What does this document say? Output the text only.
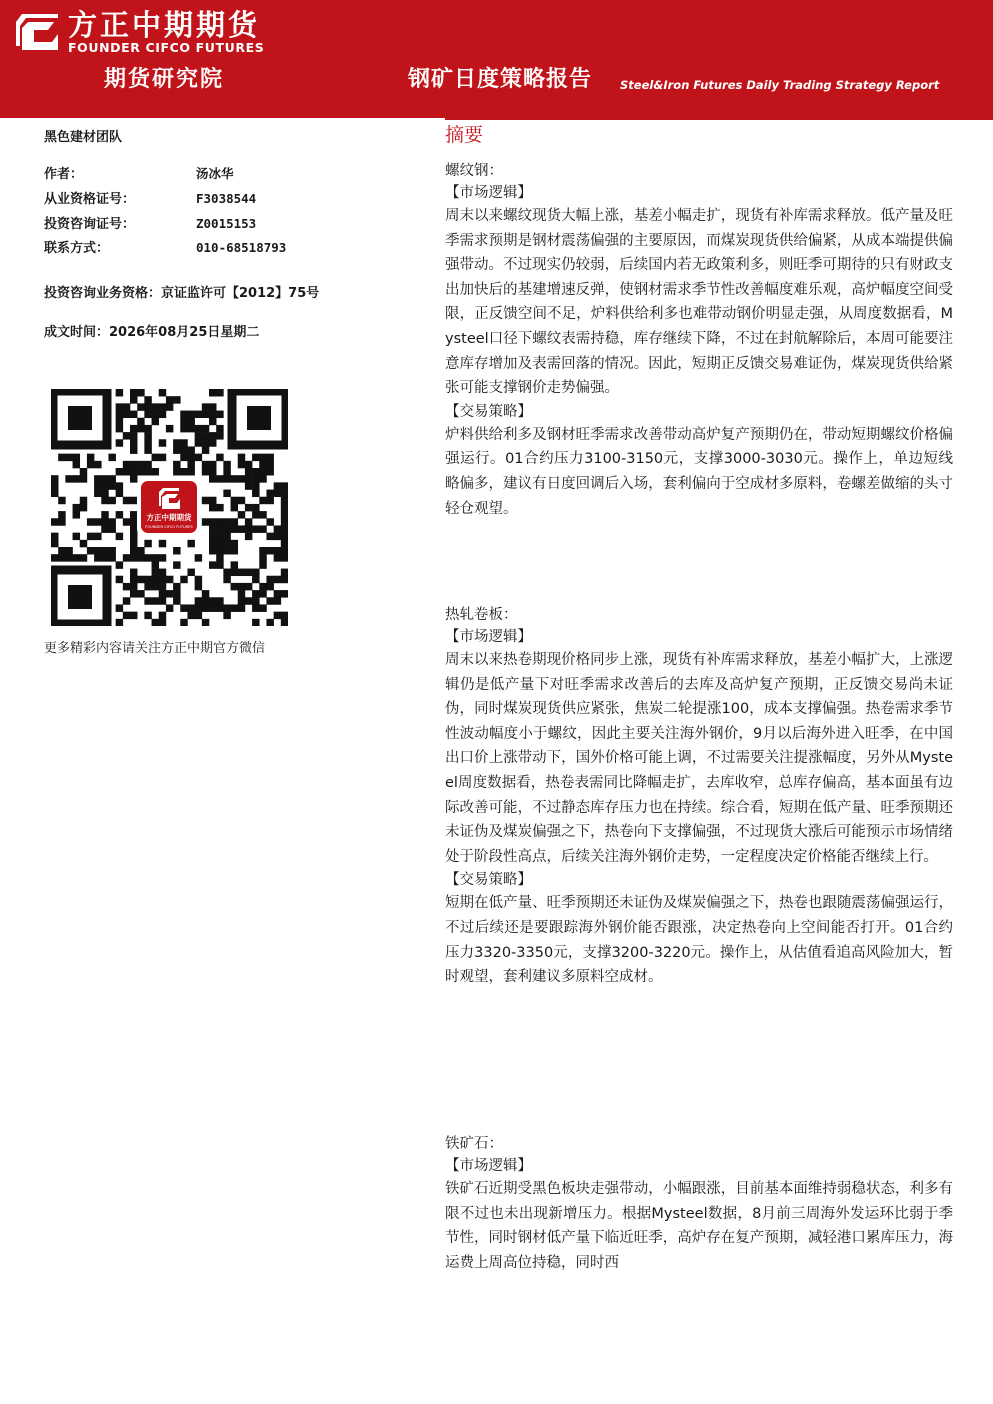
方正中期期货
FOUNDER CIFCO FUTURES
期货研究院	钢矿日度策略报告 Steel&Iron Futures Daily Trading Strategy Report
黑色建材团队
作者：	汤冰华
从业资格证号：	F3038544
投资咨询证号：	Z0015153
联系方式：	010-68518793
投资咨询业务资格：京证监许可【2012】75号
成文时间：2026年08月25日星期二
方正中期期货
FOUNDER CIFCO FUTURES
更多精彩内容请关注方正中期官方微信
摘要
螺纹钢：
【市场逻辑】

周末以来螺纹现货大幅上涨，基差小幅走扩，现货有补库需求释放。低产量及旺季需求预期是钢材震荡偏强的主要原因，而煤炭现货供给偏紧，从成本端提供偏强带动。不过现实仍较弱，后续国内若无政策利多，则旺季可期待的只有财政支出加快后的基建增速反弹，使钢材需求季节性改善幅度难乐观，高炉幅度空间受限，正反馈空间不足，炉料供给利多也难带动钢价明显走强，从周度数据看，Mysteel口径下螺纹表需持稳，库存继续下降，不过在封航解除后，本周可能要注意库存增加及表需回落的情况。因此，短期正反馈交易难证伪，煤炭现货供给紧张可能支撑钢价走势偏强。

【交易策略】

炉料供给利多及钢材旺季需求改善带动高炉复产预期仍在，带动短期螺纹价格偏强运行。01合约压力3100-3150元，支撑3000-3030元。操作上，单边短线略偏多，建议有日度回调后入场，套利偏向于空成材多原料，卷螺差做缩的头寸轻仓观望。

热轧卷板：
【市场逻辑】

周末以来热卷期现价格同步上涨，现货有补库需求释放，基差小幅扩大，上涨逻辑仍是低产量下对旺季需求改善后的去库及高炉复产预期，正反馈交易尚未证伪，同时煤炭现货供应紧张，焦炭二轮提涨100，成本支撑偏强。热卷需求季节性波动幅度小于螺纹，因此主要关注海外钢价，9月以后海外进入旺季，在中国出口价上涨带动下，国外价格可能上调，不过需要关注提涨幅度，另外从Mysteel周度数据看，热卷表需同比降幅走扩，去库收窄，总库存偏高，基本面虽有边际改善可能，不过静态库存压力也在持续。综合看，短期在低产量、旺季预期还未证伪及煤炭偏强之下，热卷向下支撑偏强，不过现货大涨后可能预示市场情绪处于阶段性高点，后续关注海外钢价走势，一定程度决定价格能否继续上行。

【交易策略】

短期在低产量、旺季预期还未证伪及煤炭偏强之下，热卷也跟随震荡偏强运行，不过后续还是要跟踪海外钢价能否跟涨，决定热卷向上空间能否打开。01合约压力3320-3350元，支撑3200-3220元。操作上，从估值看追高风险加大，暂时观望，套利建议多原料空成材。

铁矿石：
【市场逻辑】

铁矿石近期受黑色板块走强带动，小幅跟涨，目前基本面维持弱稳状态，利多有限不过也未出现新增压力。根据Mysteel数据，8月前三周海外发运环比弱于季节性，同时钢材低产量下临近旺季，高炉存在复产预期，减轻港口累库压力，海运费上周高位持稳，同时西
